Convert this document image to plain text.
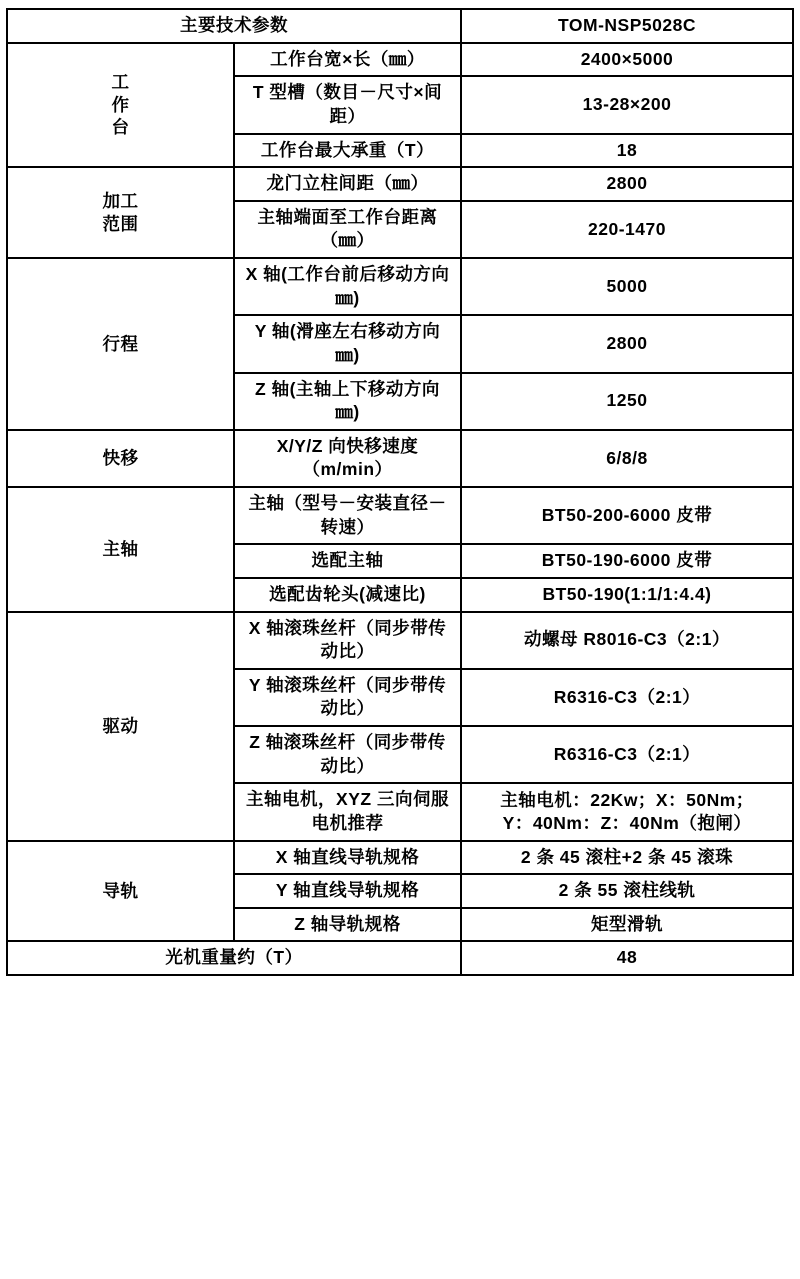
主要技术参数		TOM-NSP5028C

工
作
台	工作台宽×长（㎜）	2400×5000
	T 型槽（数目－尺寸×间距）	13-28×200
	工作台最大承重（T）	18

加工
范围	龙门立柱间距（㎜）	2800
	主轴端面至工作台距离（㎜）	220-1470

行程	X 轴(工作台前后移动方向 ㎜)	5000
	Y 轴(滑座左右移动方向 ㎜)	2800
	Z 轴(主轴上下移动方向 ㎜)	1250

快移	X/Y/Z 向快移速度（m/min）	6/8/8

主轴	主轴（型号－安装直径－转速）	BT50-200-6000 皮带
	选配主轴	BT50-190-6000 皮带
	选配齿轮头(减速比)	BT50-190(1:1/1:4.4)

驱动	X 轴滚珠丝杆（同步带传动比）	动螺母 R8016-C3（2:1）
	Y 轴滚珠丝杆（同步带传动比）	R6316-C3（2:1）
	Z 轴滚珠丝杆（同步带传动比）	R6316-C3（2:1）
	主轴电机，XYZ 三向伺服电机推荐	主轴电机：22Kw；X：50Nm；
Y：40Nm：Z：40Nm（抱闸）

导轨	X 轴直线导轨规格	2 条 45 滚柱+2 条 45 滚珠
	Y 轴直线导轨规格	2 条 55 滚柱线轨
	Z 轴导轨规格	矩型滑轨
光机重量约（T）		48
